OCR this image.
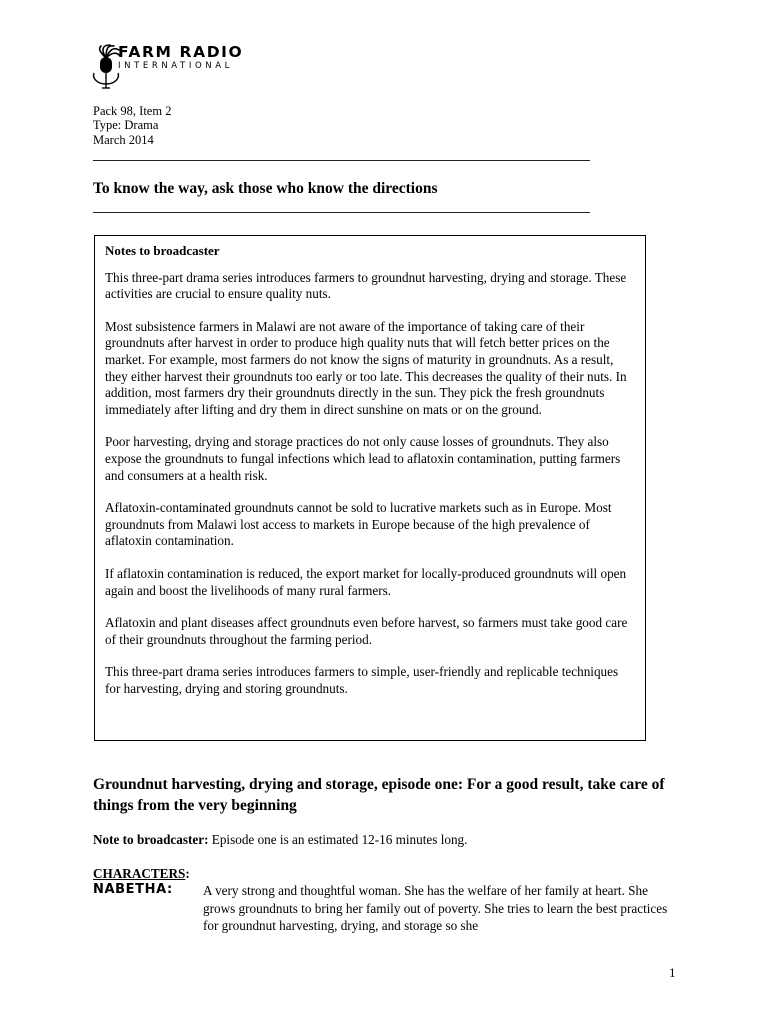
FARM RADIO
INTERNATIONAL
Pack 98, Item 2
Type: Drama
March 2014
To know the way, ask those who know the directions
Notes to broadcaster

This three-part drama series introduces farmers to groundnut harvesting, drying and storage. These activities are crucial to ensure quality nuts.

Most subsistence farmers in Malawi are not aware of the importance of taking care of their groundnuts after harvest in order to produce high quality nuts that will fetch better prices on the market. For example, most farmers do not know the signs of maturity in groundnuts. As a result, they either harvest their groundnuts too early or too late. This decreases the quality of their nuts. In addition, most farmers dry their groundnuts directly in the sun. They pick the fresh groundnuts immediately after lifting and dry them in direct sunshine on mats or on the ground.

Poor harvesting, drying and storage practices do not only cause losses of groundnuts. They also expose the groundnuts to fungal infections which lead to aflatoxin contamination, putting farmers and consumers at a health risk.

Aflatoxin-contaminated groundnuts cannot be sold to lucrative markets such as in Europe. Most groundnuts from Malawi lost access to markets in Europe because of the high prevalence of aflatoxin contamination.

If aflatoxin contamination is reduced, the export market for locally-produced groundnuts will open again and boost the livelihoods of many rural farmers.

Aflatoxin and plant diseases affect groundnuts even before harvest, so farmers must take good care of their groundnuts throughout the farming period.

This three-part drama series introduces farmers to simple, user-friendly and replicable techniques for harvesting, drying and storing groundnuts.

Groundnut harvesting, drying and storage, episode one: For a good result, take care of things from the very beginning
Note to broadcaster: Episode one is an estimated 12-16 minutes long.
CHARACTERS:
NABETHA: A very strong and thoughtful woman. She has the welfare of her family at heart. She grows groundnuts to bring her family out of poverty. She tries to learn the best practices for groundnut harvesting, drying, and storage so she
1
